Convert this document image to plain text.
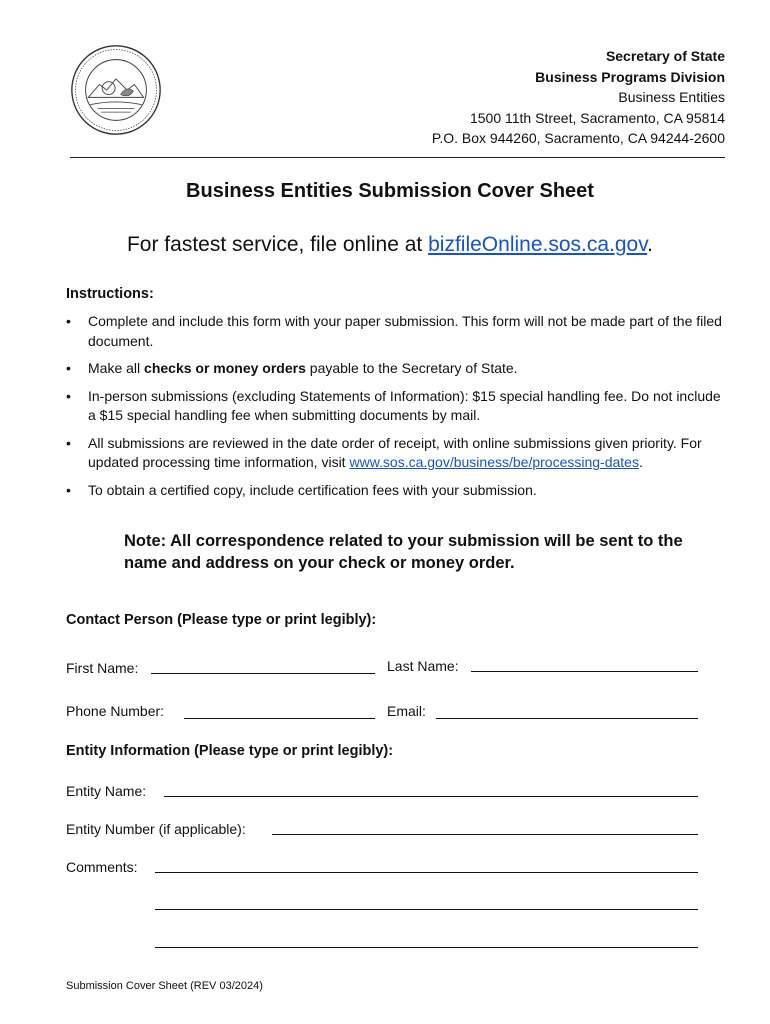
Secretary of State
Business Programs Division
Business Entities
1500 11th Street, Sacramento, CA 95814
P.O. Box 944260, Sacramento, CA 94244-2600
Business Entities Submission Cover Sheet
For fastest service, file online at bizfileOnline.sos.ca.gov.
Instructions:
• Complete and include this form with your paper submission. This form will not be made part of the filed document.
• Make all checks or money orders payable to the Secretary of State.
• In-person submissions (excluding Statements of Information): $15 special handling fee. Do not include a $15 special handling fee when submitting documents by mail.
• All submissions are reviewed in the date order of receipt, with online submissions given priority. For updated processing time information, visit www.sos.ca.gov/business/be/processing-dates.
• To obtain a certified copy, include certification fees with your submission.
Note: All correspondence related to your submission will be sent to the name and address on your check or money order.
Contact Person (Please type or print legibly):
First Name:	Last Name:
Phone Number:	Email:
Entity Information (Please type or print legibly):
Entity Name:
Entity Number (if applicable):
Comments:
Submission Cover Sheet (REV 03/2024)
